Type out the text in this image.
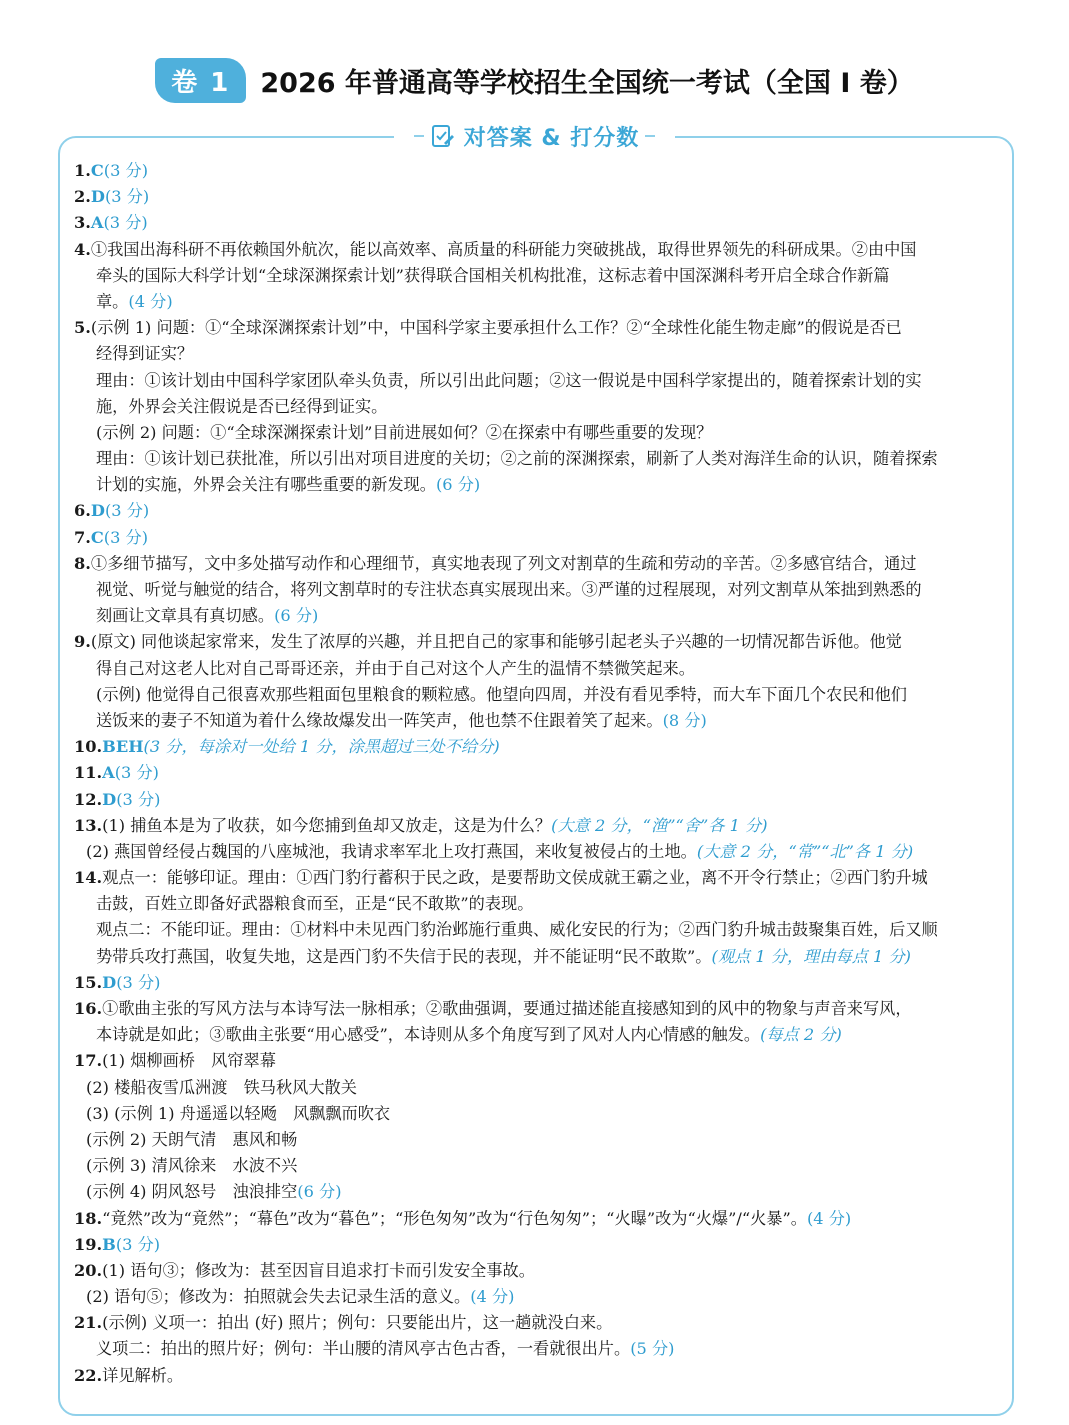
卷 1	2026 年普通高等学校招生全国统一考试（全国 I 卷）
对答案 & 打分数
1.C(3 分)
2.D(3 分)
3.A(3 分)
4.①我国出海科研不再依赖国外航次，能以高效率、高质量的科研能力突破挑战，取得世界领先的科研成果。②由中国
牵头的国际大科学计划“全球深渊探索计划”获得联合国相关机构批准，这标志着中国深渊科考开启全球合作新篇
章。(4 分)
5.(示例 1) 问题：①“全球深渊探索计划”中，中国科学家主要承担什么工作？②“全球性化能生物走廊”的假说是否已
经得到证实？
理由：①该计划由中国科学家团队牵头负责，所以引出此问题；②这一假说是中国科学家提出的，随着探索计划的实
施，外界会关注假说是否已经得到证实。
(示例 2) 问题：①“全球深渊探索计划”目前进展如何？②在探索中有哪些重要的发现？
理由：①该计划已获批准，所以引出对项目进度的关切；②之前的深渊探索，刷新了人类对海洋生命的认识，随着探索
计划的实施，外界会关注有哪些重要的新发现。(6 分)
6.D(3 分)
7.C(3 分)
8.①多细节描写，文中多处描写动作和心理细节，真实地表现了列文对割草的生疏和劳动的辛苦。②多感官结合，通过
视觉、听觉与触觉的结合，将列文割草时的专注状态真实展现出来。③严谨的过程展现，对列文割草从笨拙到熟悉的
刻画让文章具有真切感。(6 分)
9.(原文) 同他谈起家常来，发生了浓厚的兴趣，并且把自己的家事和能够引起老头子兴趣的一切情况都告诉他。他觉
得自己对这老人比对自己哥哥还亲，并由于自己对这个人产生的温情不禁微笑起来。
(示例) 他觉得自己很喜欢那些粗面包里粮食的颗粒感。他望向四周，并没有看见季特，而大车下面几个农民和他们
送饭来的妻子不知道为着什么缘故爆发出一阵笑声，他也禁不住跟着笑了起来。(8 分)
10.BEH(3 分，每涂对一处给 1 分，涂黑超过三处不给分)
11.A(3 分)
12.D(3 分)
13.(1) 捕鱼本是为了收获，如今您捕到鱼却又放走，这是为什么？(大意 2 分，“渔”“舍”各 1 分)
(2) 燕国曾经侵占魏国的八座城池，我请求率军北上攻打燕国，来收复被侵占的土地。(大意 2 分，“常”“北”各 1 分)
14.观点一：能够印证。理由：①西门豹行蓄积于民之政，是要帮助文侯成就王霸之业，离不开令行禁止；②西门豹升城
击鼓，百姓立即备好武器粮食而至，正是“民不敢欺”的表现。
观点二：不能印证。理由：①材料中未见西门豹治邺施行重典、威化安民的行为；②西门豹升城击鼓聚集百姓，后又顺
势带兵攻打燕国，收复失地，这是西门豹不失信于民的表现，并不能证明“民不敢欺”。(观点 1 分，理由每点 1 分)
15.D(3 分)
16.①歌曲主张的写风方法与本诗写法一脉相承；②歌曲强调，要通过描述能直接感知到的风中的物象与声音来写风，
本诗就是如此；③歌曲主张要“用心感受”，本诗则从多个角度写到了风对人内心情感的触发。(每点 2 分)
17.(1) 烟柳画桥　风帘翠幕
(2) 楼船夜雪瓜洲渡　铁马秋风大散关
(3) (示例 1) 舟遥遥以轻飏　风飘飘而吹衣
(示例 2) 天朗气清　惠风和畅
(示例 3) 清风徐来　水波不兴
(示例 4) 阴风怒号　浊浪排空(6 分)
18.“竟然”改为“竟然”；“幕色”改为“暮色”；“形色匆匆”改为“行色匆匆”；“火曝”改为“火爆”/“火暴”。(4 分)
19.B(3 分)
20.(1) 语句③；修改为：甚至因盲目追求打卡而引发安全事故。
(2) 语句⑤；修改为：拍照就会失去记录生活的意义。(4 分)
21.(示例) 义项一：拍出 (好) 照片；例句：只要能出片，这一趟就没白来。
义项二：拍出的照片好；例句：半山腰的清风亭古色古香，一看就很出片。(5 分)
22.详见解析。
